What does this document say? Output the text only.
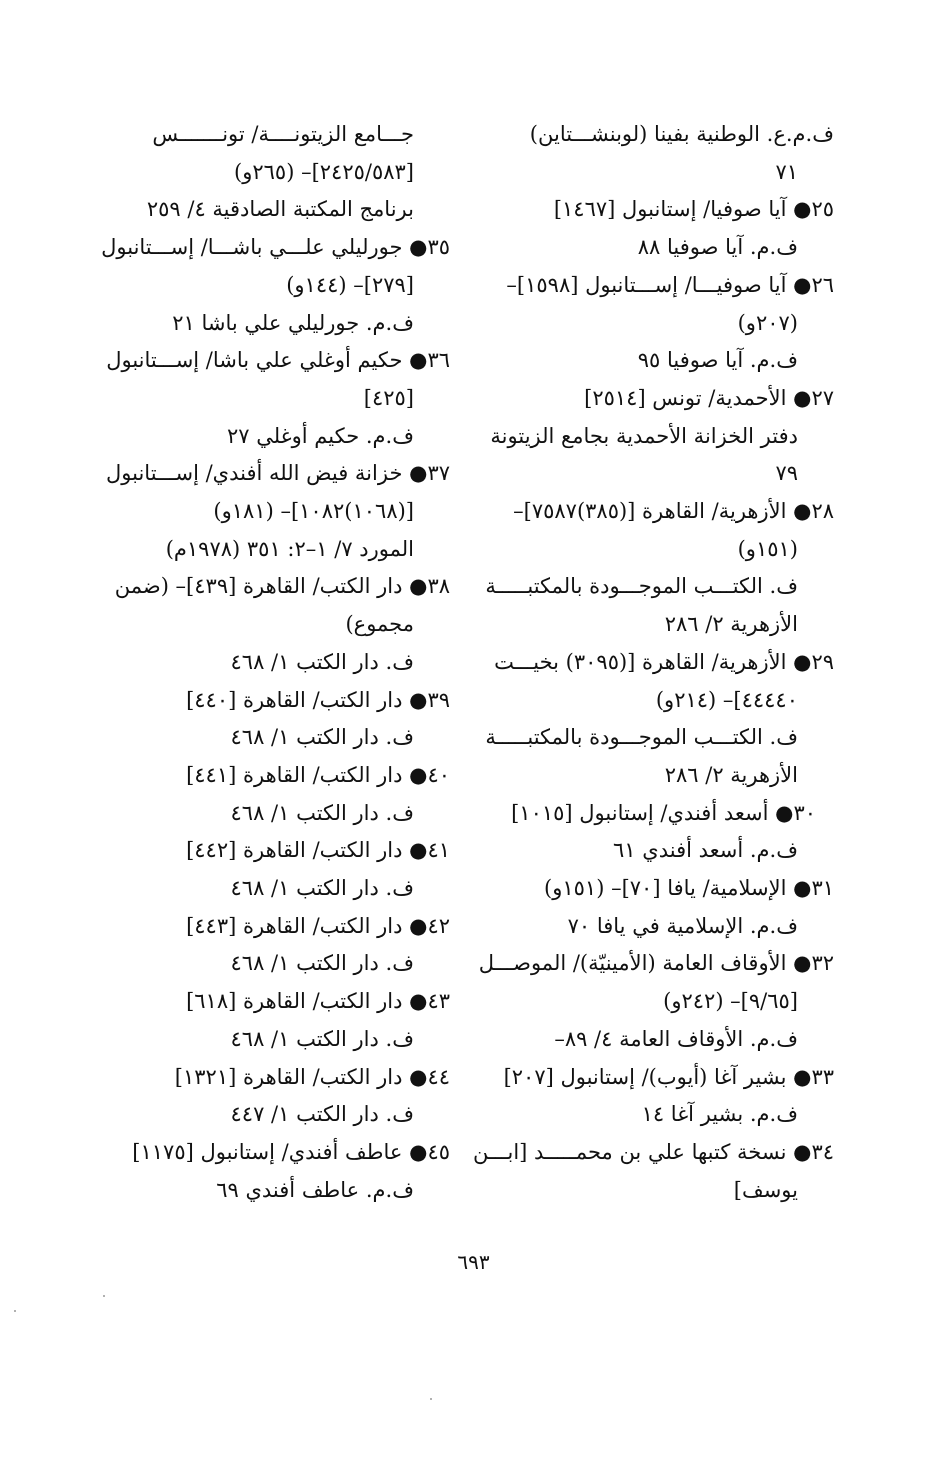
ف.م.ع. الوطنية بفينا (لوبنشـــتاين)

٧١

٢٥● آيا صوفيا/ إستانبول [١٤٦٧]

ف.م. آيا صوفيا ٨٨

٢٦● آيا صوفيـــا/ إســـتانبول [١٥٩٨]–

(٢٠٧و)

ف.م. آيا صوفيا ٩٥

٢٧● الأحمدية/ تونس [٢٥١٤]

دفتر الخزانة الأحمدية بجامع الزيتونة

٧٩

٢٨● الأزهرية/ القاهرة [(٣٨٥)٧٥٨٧]–

(١٥١و)

ف. الكتـــب الموجـــودة بالمكتبـــــة

الأزهرية ٢/ ٢٨٦

٢٩● الأزهرية/ القاهرة [(٣٠٩٥) بخيـــت

٤٤٤٤٠]– (٢١٤و)

ف. الكتـــب الموجـــودة بالمكتبـــــة

الأزهرية ٢/ ٢٨٦

٣٠● أسعد أفندي/ إستانبول [١٠١٥]

ف.م. أسعد أفندي ٦١

٣١● الإسلامية/ يافا [٧٠]– (١٥١و)

ف.م. الإسلامية في يافا ٧٠

٣٢● الأوقاف العامة (الأمينيّة)/ الموصـــل

[٩/٦٥]– (٢٤٢و)

ف.م. الأوقاف العامة ٤/ ٨٩–

٣٣● بشير آغا (أيوب)/ إستانبول [٢٠٧]

ف.م. بشير آغا ١٤

٣٤● نسخة كتبها علي بن محمـــــد [ابـــن

يوسف]

جـــامع الزيتونــــة/ تونـــــــس

[٢٤٢٥/٥٨٣]– (٢٦٥و)

برنامج المكتبة الصادقية ٤/ ٢٥٩

٣٥● جورليلي علـــي باشـــا/ إســـتانبول

[٢٧٩]– (١٤٤و)

ف.م. جورليلي علي باشا ٢١

٣٦● حكيم أوغلي علي باشا/ إســـتانبول

[٤٢٥]

ف.م. حكيم أوغلي ٢٧

٣٧● خزانة فيض الله أفندي/ إســـتانبول

[(١٠٦٨)١٠٨٢]– (١٨١و)

المورد ٧/ ١–٢: ٣٥١ (١٩٧٨م)

٣٨● دار الكتب/ القاهرة [٤٣٩]– (ضمن

مجموع)

ف. دار الكتب ١/ ٤٦٨

٣٩● دار الكتب/ القاهرة [٤٤٠]

ف. دار الكتب ١/ ٤٦٨

٤٠● دار الكتب/ القاهرة [٤٤١]

ف. دار الكتب ١/ ٤٦٨

٤١● دار الكتب/ القاهرة [٤٤٢]

ف. دار الكتب ١/ ٤٦٨

٤٢● دار الكتب/ القاهرة [٤٤٣]

ف. دار الكتب ١/ ٤٦٨

٤٣● دار الكتب/ القاهرة [٦١٨]

ف. دار الكتب ١/ ٤٦٨

٤٤● دار الكتب/ القاهرة [١٣٢١]

ف. دار الكتب ١/ ٤٤٧

٤٥● عاطف أفندي/ إستانبول [١١٧٥]

ف.م. عاطف أفندي ٦٩

٦٩٣
